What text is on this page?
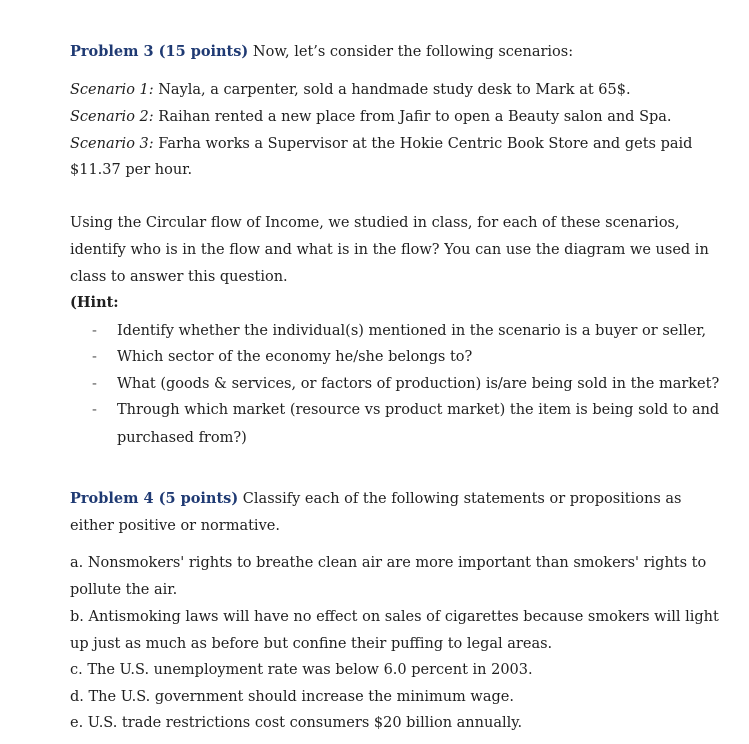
Problem 3 (15 points) Now, let’s consider the following scenarios:
Scenario 1: Nayla, a carpenter, sold a handmade study desk to Mark at 65$.
Scenario 2: Raihan rented a new place from Jafir to open a Beauty salon and Spa.
Scenario 3: Farha works a Supervisor at the Hokie Centric Book Store and gets paid
$11.37 per hour.
Using the Circular flow of Income, we studied in class, for each of these scenarios,
identify who is in the flow and what is in the flow? You can use the diagram we used in
class to answer this question.
(Hint:
- Identify whether the individual(s) mentioned in the scenario is a buyer or seller,
- Which sector of the economy he/she belongs to?
- What (goods & services, or factors of production) is/are being sold in the market?
- Through which market (resource vs product market) the item is being sold to and
purchased from?)
Problem 4 (5 points) Classify each of the following statements or propositions as
either positive or normative.
a. Nonsmokers' rights to breathe clean air are more important than smokers' rights to
pollute the air.
b. Antismoking laws will have no effect on sales of cigarettes because smokers will light
up just as much as before but confine their puffing to legal areas.
c. The U.S. unemployment rate was below 6.0 percent in 2003.
d. The U.S. government should increase the minimum wage.
e. U.S. trade restrictions cost consumers $20 billion annually.
